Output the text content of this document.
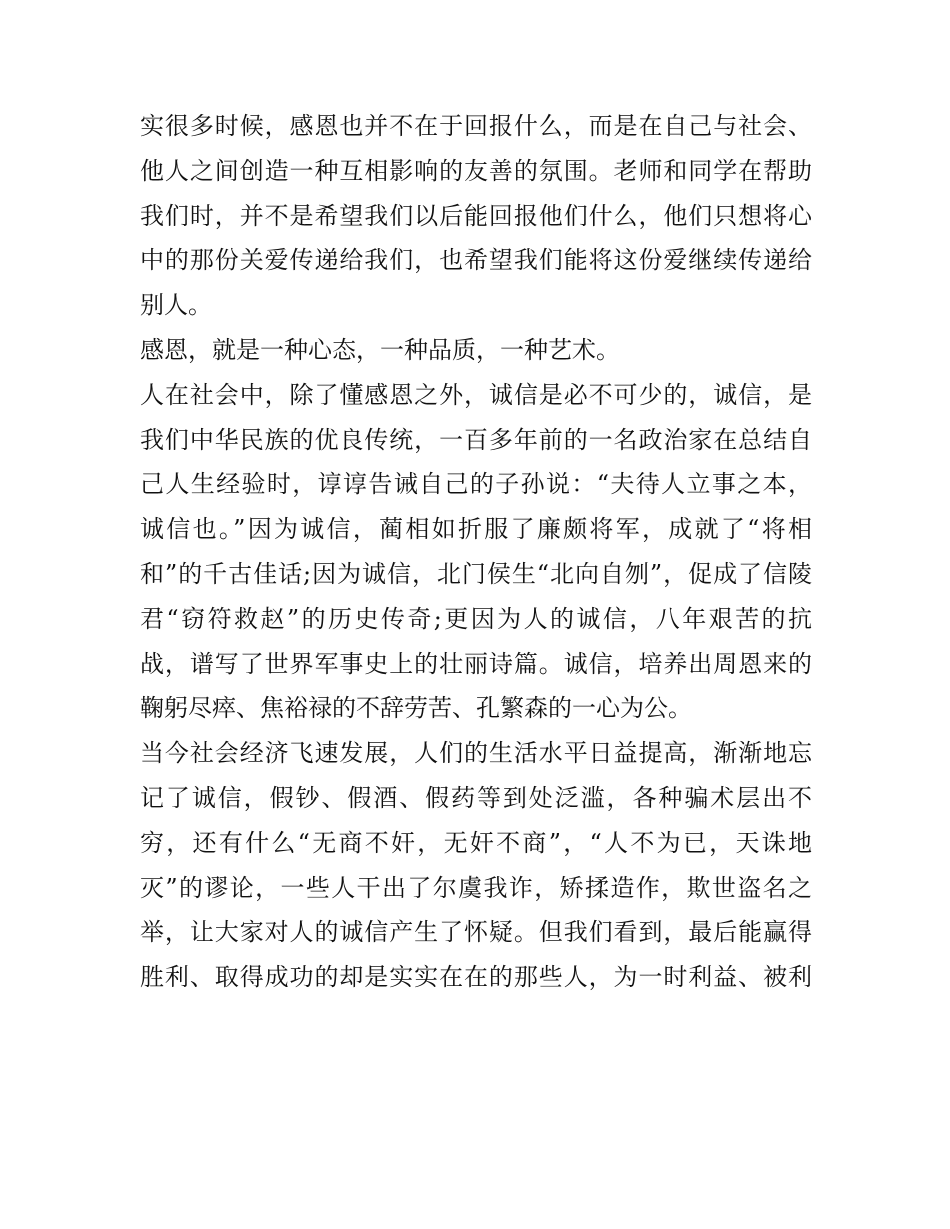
实很多时候，感恩也并不在于回报什么，而是在自己与社会、
他人之间创造一种互相影响的友善的氛围。老师和同学在帮助
我们时，并不是希望我们以后能回报他们什么，他们只想将心
中的那份关爱传递给我们，也希望我们能将这份爱继续传递给
别人。
感恩，就是一种心态，一种品质，一种艺术。
人在社会中，除了懂感恩之外，诚信是必不可少的，诚信，是
我们中华民族的优良传统，一百多年前的一名政治家在总结自
己人生经验时，谆谆告诫自己的子孙说：“夫待人立事之本，
诚信也。”因为诚信，蔺相如折服了廉颇将军，成就了“将相
和”的千古佳话;因为诚信，北门侯生“北向自刎”，促成了信陵
君“窃符救赵”的历史传奇;更因为人的诚信，八年艰苦的抗
战，谱写了世界军事史上的壮丽诗篇。诚信，培养出周恩来的
鞠躬尽瘁、焦裕禄的不辞劳苦、孔繁森的一心为公。
当今社会经济飞速发展，人们的生活水平日益提高，渐渐地忘
记了诚信，假钞、假酒、假药等到处泛滥，各种骗术层出不
穷，还有什么“无商不奸，无奸不商”，“人不为已，天诛地
灭”的谬论，一些人干出了尔虞我诈，矫揉造作，欺世盗名之
举，让大家对人的诚信产生了怀疑。但我们看到，最后能赢得
胜利、取得成功的却是实实在在的那些人，为一时利益、被利
